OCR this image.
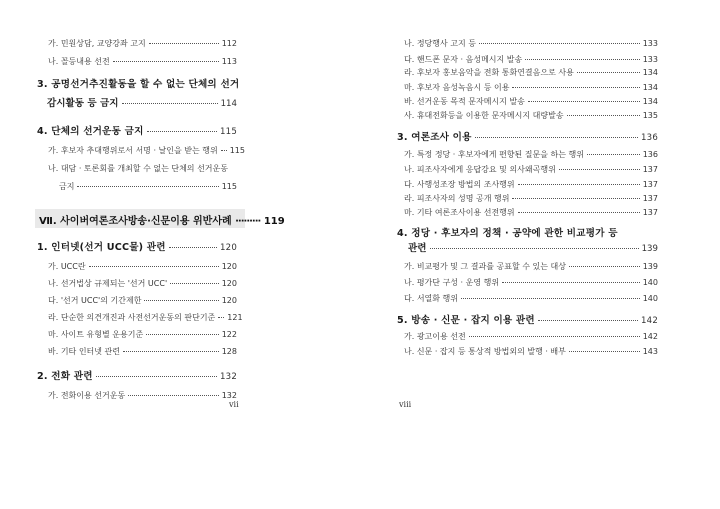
가. 민원상담, 교양강좌 고지	112
나. 꼴등내용 선전	113
3. 공명선거추진활동을 할 수 없는 단체의 선거
감시활동 등 금지	114
4. 단체의 선거운동 금지	115
가. 후보자 추대행위로서 서명 · 날인을 받는 행위 115
나. 대담 · 토론회를 개최할 수 없는 단체의 선거운동
금지	115
Ⅶ. 사이버여론조사방송·신문이용 위반사례 ········· 119
1. 인터넷(선거 UCC물) 관련	120
가. UCC란	120
나. 선거법상 규제되는 '선거 UCC'	120
다. '선거 UCC'의 기간제한	120
라. 단순한 의견개진과 사전선거운동의 판단기준 121
마. 사이트 유형별 운용기준	122
바. 기타 인터넷 관련	128
2. 전화 관련	132
가. 전화이용 선거운동	132
vii
나. 정당행사 고지 등	133
다. 핸드폰 문자 · 음성메시지 발송	133
라. 후보자 홍보음악을 전화 통화연결음으로 사용	134
마. 후보자 음성녹음시 등 이용	134
바. 선거운동 목적 문자메시지 발송	134
사. 휴대전화등을 이용한 문자메시지 대량발송	135
3. 여론조사 이용	136
가. 특정 정당 · 후보자에게 편향된 질문을 하는 행위	136
나. 피조사자에게 응답강요 및 의사왜곡행위	137
다. 사행성조장 방법의 조사행위	137
라. 피조사자의 성명 공개 행위	137
마. 기타 여론조사이용 선전행위	137
4. 정당 · 후보자의 정책 · 공약에 관한 비교평가 등
관련	139
가. 비교평가 및 그 결과를 공표할 수 있는 대상	139
나. 평가단 구성 · 운영 행위	140
다. 서열화 행위	140
5. 방송 · 신문 · 잡지 이용 관련	142
가. 광고이용 선전	142
나. 신문 · 잡지 등 통상적 방법외의 발행 · 배부	143
viii
